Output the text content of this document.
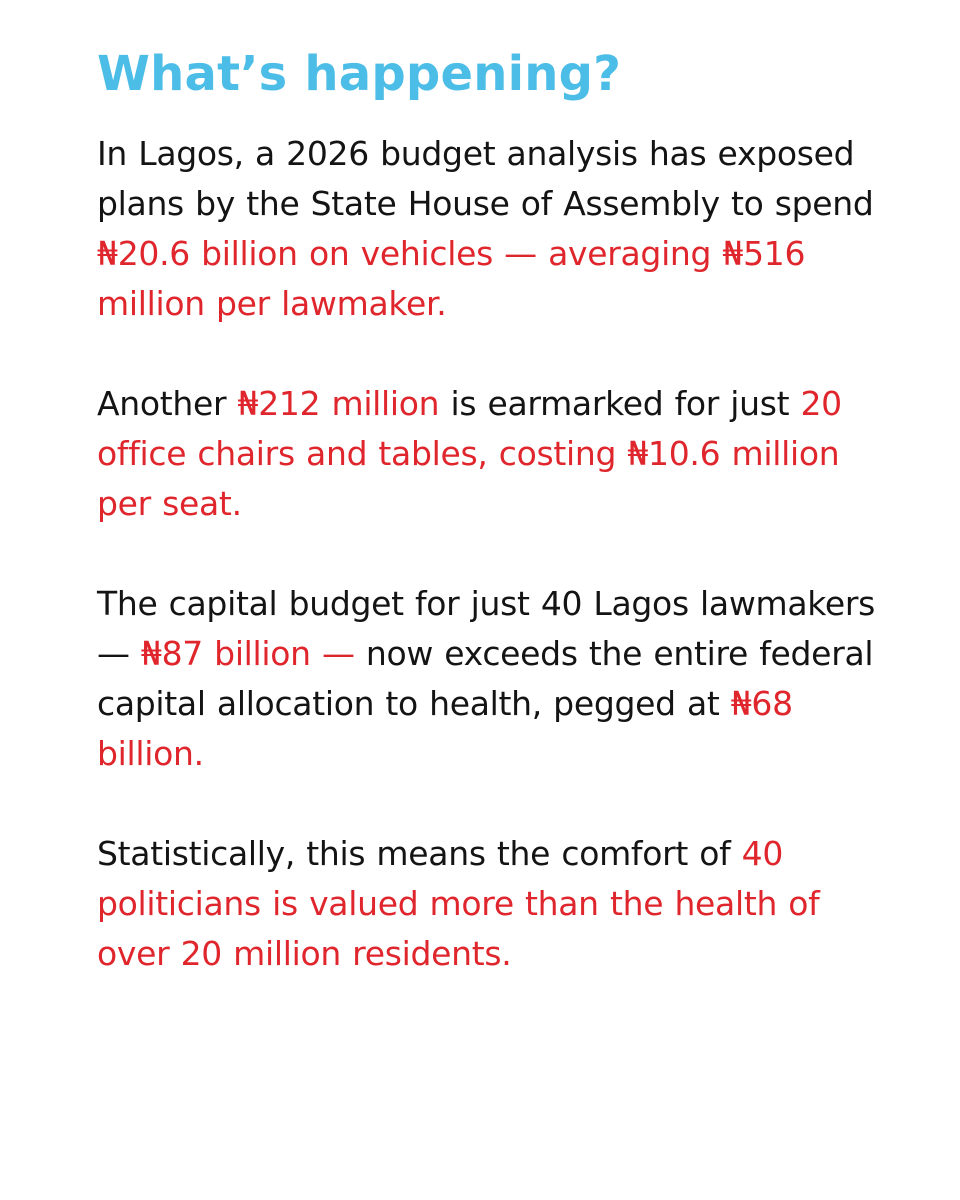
What’s happening?

In Lagos, a 2026 budget analysis has exposed plans by the State House of Assembly to spend ₦20.6 billion on vehicles — averaging ₦516 million per lawmaker.

Another ₦212 million is earmarked for just 20 office chairs and tables, costing ₦10.6 million per seat.

The capital budget for just 40 Lagos lawmakers — ₦87 billion — now exceeds the entire federal capital allocation to health, pegged at ₦68 billion.

Statistically, this means the comfort of 40 politicians is valued more than the health of over 20 million residents.
